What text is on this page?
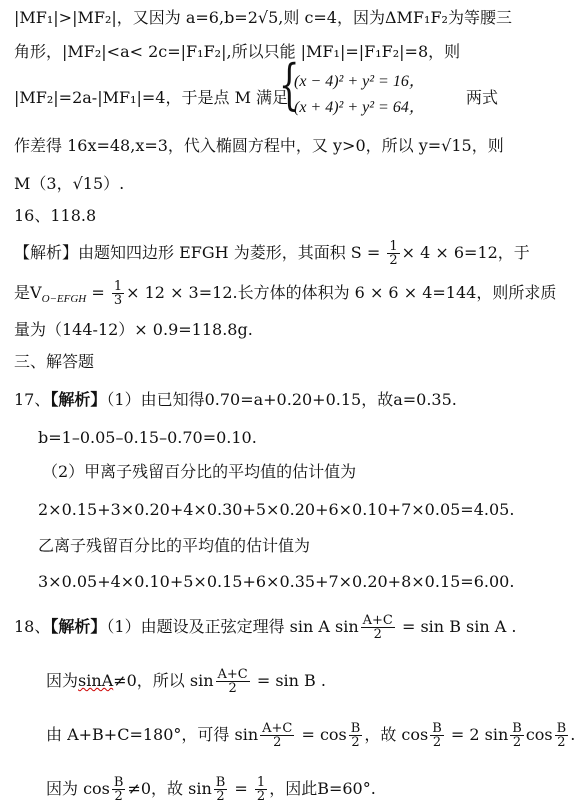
|MF₁|>|MF₂|，又因为 a=6,b=2√5,则 c=4，因为ΔMF₁F₂为等腰三
角形，|MF₂|<a< 2c=|F₁F₂|,所以只能 |MF₁|=|F₁F₂|=8，则
|MF₂|=2a-|MF₁|=4，于是点 M 满足
{
(x − 4)² + y² = 16，
(x + 4)² + y² = 64，
两式
作差得 16x=48,x=3，代入椭圆方程中，又 y>0，所以 y=√15，则
M（3，√15）.
16、118.8
【解析】由题知四边形 EFGH 为菱形，其面积 $S = \frac{1}{2} \times 4 \times 6=12$，于
是$V_{O-EFGH} = \frac{1}{3} \times 12 \times 3=12$.长方体的体积为 6 × 6 × 4=144，则所求质
量为（144-12）× 0.9=118.8g.
三、解答题
17、【解析】（1）由已知得0.70=a+0.20+0.15，故a=0.35.
b=1–0.05–0.15–0.70=0.10.
（2）甲离子残留百分比的平均值的估计值为
2×0.15+3×0.20+4×0.30+5×0.20+6×0.10+7×0.05=4.05.
乙离子残留百分比的平均值的估计值为
3×0.05+4×0.10+5×0.15+6×0.35+7×0.20+8×0.15=6.00.
18、【解析】（1）由题设及正弦定理得 sin A $\sin \frac{A+C}{2} = \sin B$ sin A .
因为sinA≠0，所以 $\sin \frac{A+C}{2} = \sin B$ .
由 A+B+C=180°，可得 $\sin \frac{A+C}{2} = \cos \frac{B}{2}$ ，故 $\cos \frac{B}{2} = 2$ $\sin \frac{B}{2}$ $\cos \frac{B}{2}$ .
因为 $\cos \frac{B}{2} \ne 0$，故 $\sin \frac{B}{2} = \frac{1}{2}$ ，因此B=60°.
